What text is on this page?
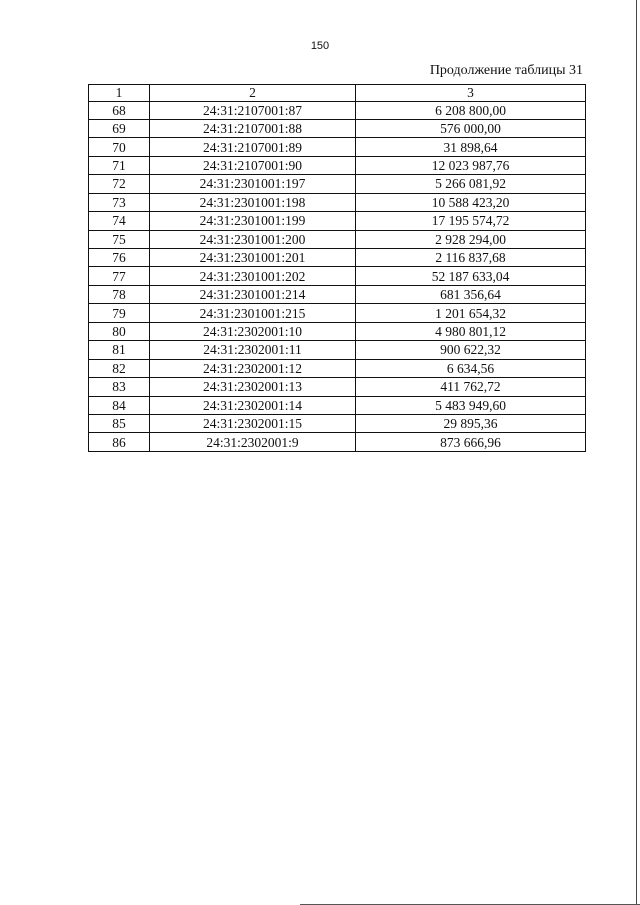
150
Продолжение таблицы 31
1	2	3
68	24:31:2107001:87	6 208 800,00
69	24:31:2107001:88	576 000,00
70	24:31:2107001:89	31 898,64
71	24:31:2107001:90	12 023 987,76
72	24:31:2301001:197	5 266 081,92
73	24:31:2301001:198	10 588 423,20
74	24:31:2301001:199	17 195 574,72
75	24:31:2301001:200	2 928 294,00
76	24:31:2301001:201	2 116 837,68
77	24:31:2301001:202	52 187 633,04
78	24:31:2301001:214	681 356,64
79	24:31:2301001:215	1 201 654,32
80	24:31:2302001:10	4 980 801,12
81	24:31:2302001:11	900 622,32
82	24:31:2302001:12	6 634,56
83	24:31:2302001:13	411 762,72
84	24:31:2302001:14	5 483 949,60
85	24:31:2302001:15	29 895,36
86	24:31:2302001:9	873 666,96
